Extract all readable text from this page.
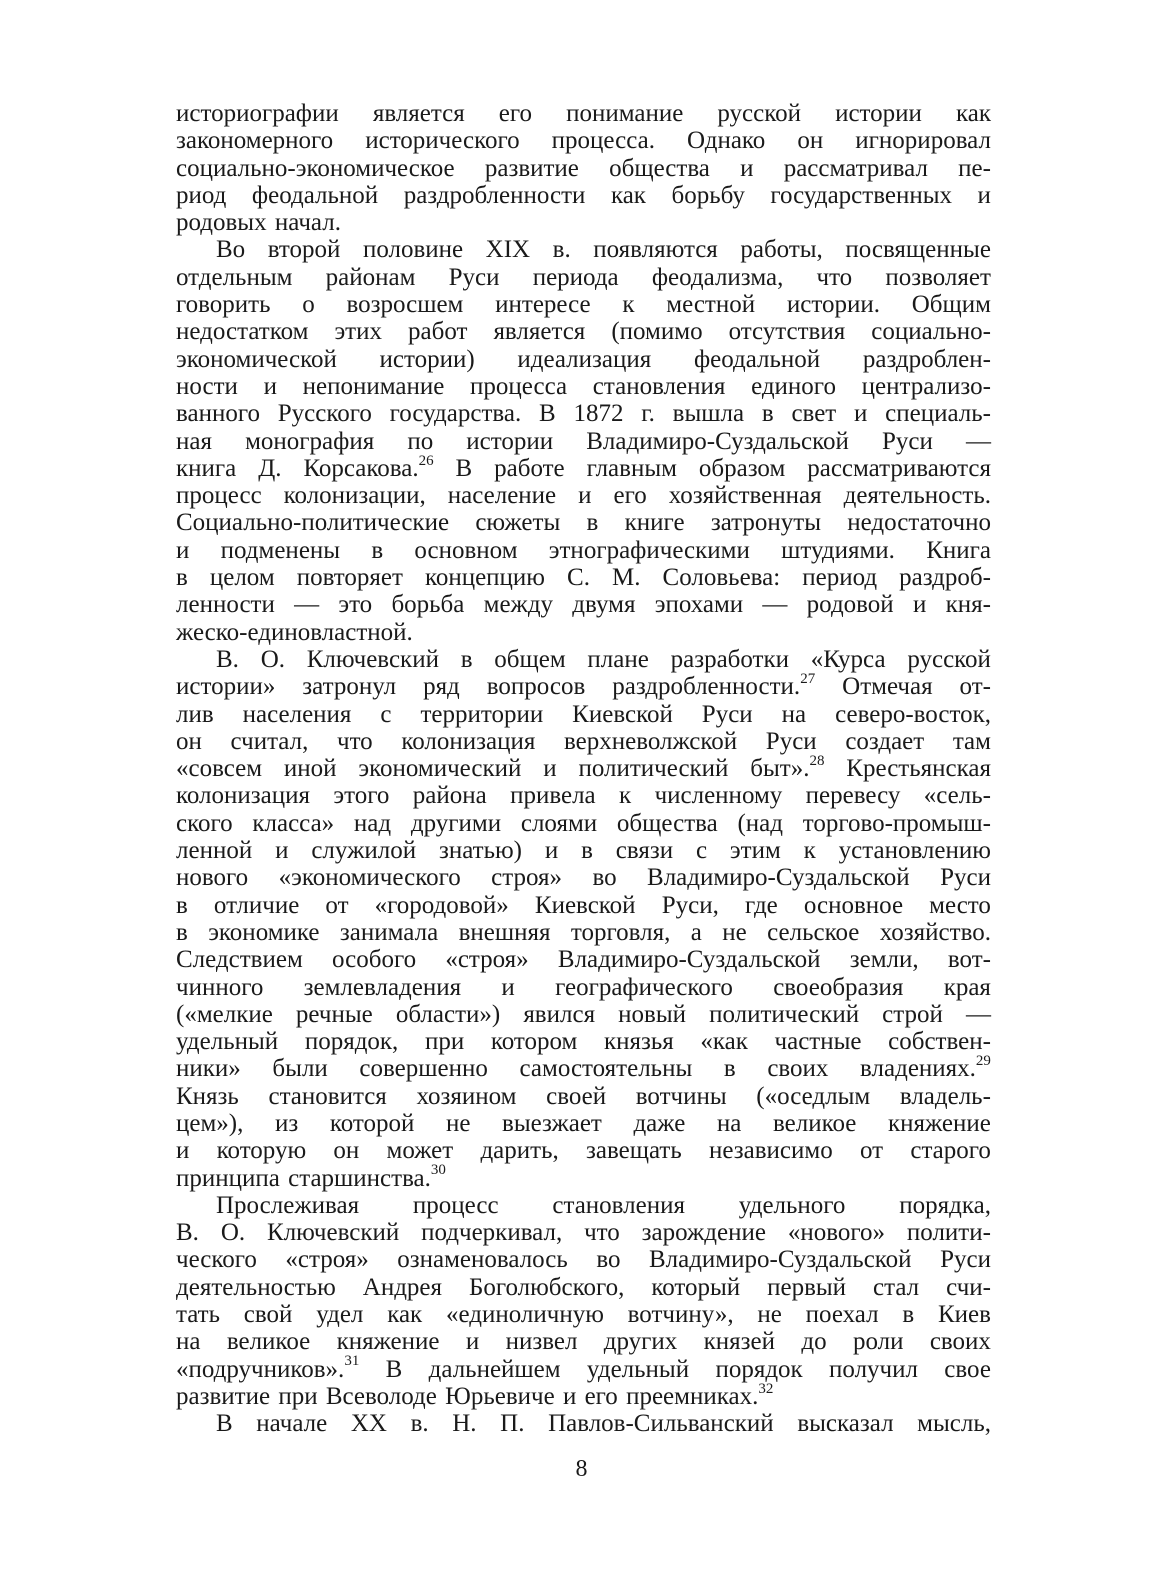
историографии является его понимание русской истории как
закономерного исторического процесса. Однако он игнорировал
социально-экономическое развитие общества и рассматривал пе-
риод феодальной раздробленности как борьбу государственных и
родовых
начал.
Во второй половине XIX в. появляются работы, посвященные
отдельным районам Руси периода феодализма, что позволяет
говорить о возросшем интересе к местной истории. Общим
недостатком этих работ является (помимо отсутствия социально-
экономической истории) идеализация феодальной раздроблен-
ности и непонимание процесса становления единого централизо-
ванного Русского государства. В 1872 г. вышла в свет и специаль-
ная монография по истории Владимиро-Суздальской Руси —
книга Д. Корсакова.$^{26}$ В работе главным образом рассматриваются
процесс колонизации, население и его хозяйственная деятельность.
Социально-политические сюжеты в книге затронуты недостаточно
и подменены в основном этнографическими штудиями. Книга
в целом повторяет концепцию С. М. Соловьева: период раздроб-
ленности — это борьба между двумя эпохами — родовой и кня-
жеско-единовластной.
В. О. Ключевский в общем плане разработки «Курса русской
истории» затронул ряд вопросов раздробленности.$^{27}$ Отмечая от-
лив населения с территории Киевской Руси на северо-восток,
он считал, что колонизация верхневолжской Руси создает там
«совсем иной экономический и политический быт».$^{28}$ Крестьянская
колонизация этого района привела к численному перевесу «сель-
ского класса» над другими слоями общества (над торгово-промыш-
ленной и служилой знатью) и в связи с этим к установлению
нового «экономического строя» во Владимиро-Суздальской Руси
в отличие от «городовой» Киевской Руси, где основное место
в экономике занимала внешняя торговля, а не сельское хозяйство.
Следствием особого «строя» Владимиро-Суздальской земли, вот-
чинного землевладения и географического своеобразия края
(«мелкие речные области») явился новый политический строй —
удельный порядок, при котором князья «как частные собствен-
ники» были совершенно самостоятельны в своих владениях.$^{29}$
Князь становится хозяином своей вотчины («оседлым владель-
цем»), из которой не выезжает даже на великое княжение
и которую он может дарить, завещать независимо от старого
принципа
старшинства.$^{30}$
Прослеживая процесс становления удельного порядка,
В. О. Ключевский подчеркивал, что зарождение «нового» полити-
ческого «строя» ознаменовалось во Владимиро-Суздальской Руси
деятельностью Андрея Боголюбского, который первый стал счи-
тать свой удел как «единоличную вотчину», не поехал в Киев
на великое княжение и низвел других князей до роли своих
«подручников».$^{31}$ В дальнейшем удельный порядок получил свое
развитие
при
Всеволоде
Юрьевиче
и
его
преемниках.$^{32}$
В начале XX в. Н. П. Павлов-Сильванский высказал мысль,
8
